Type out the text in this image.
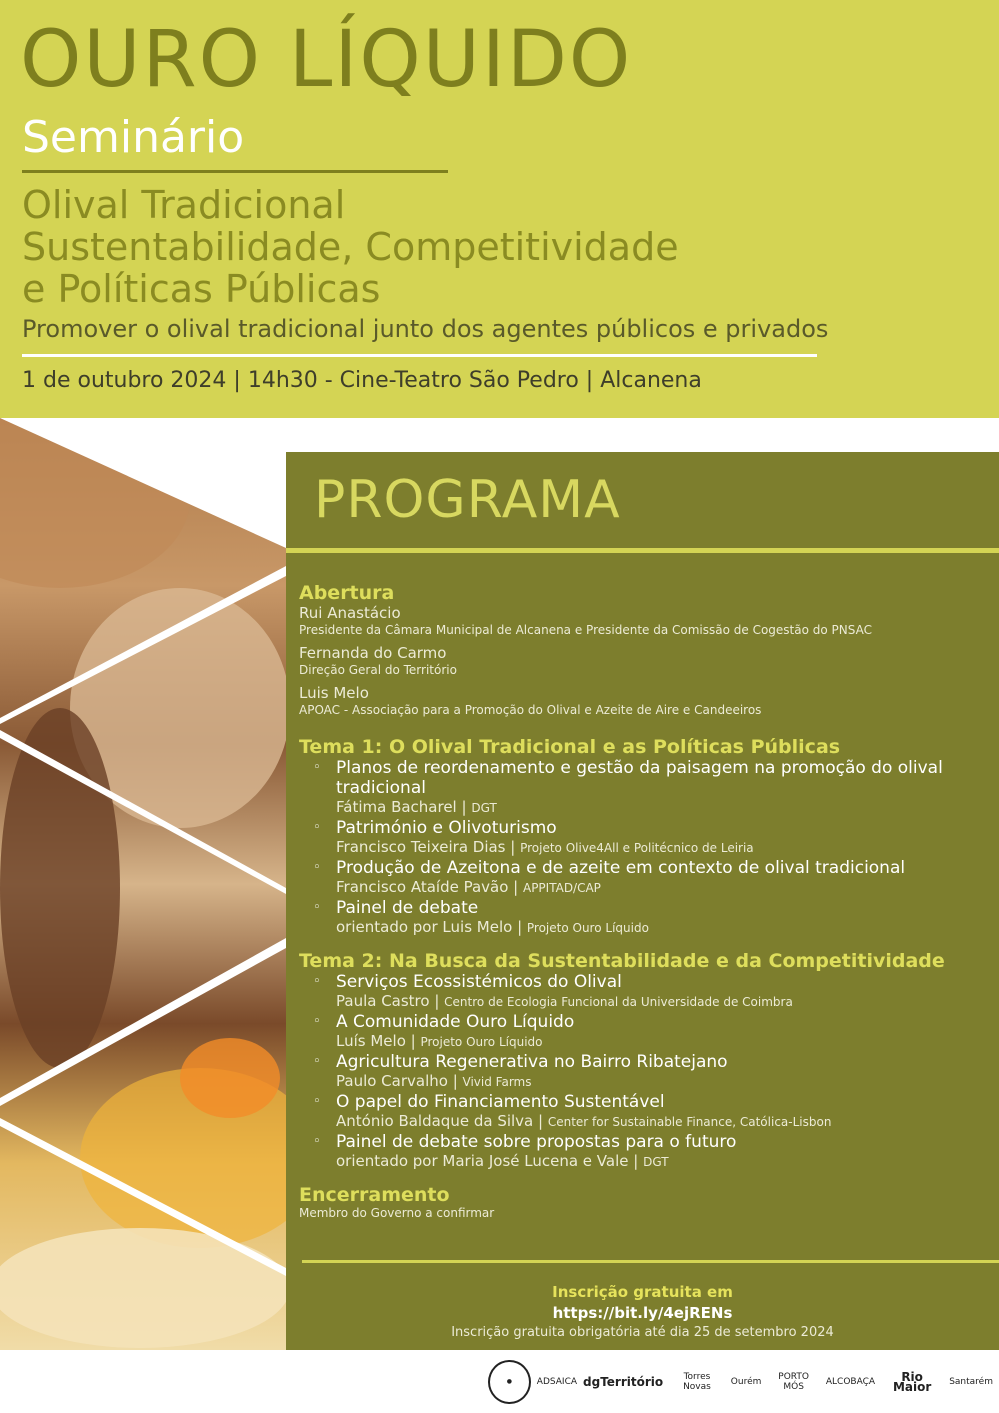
OURO LÍQUIDO
Seminário
Olival Tradicional
Sustentabilidade, Competitividade
e Políticas Públicas
Promover o olival tradicional junto dos agentes públicos e privados
1 de outubro 2024 | 14h30 - Cine-Teatro São Pedro | Alcanena
PROGRAMA
Abertura
Rui Anastácio
Presidente da Câmara Municipal de Alcanena e Presidente da Comissão de Cogestão do PNSAC
Fernanda do Carmo
Direção Geral do Território
Luis Melo
APOAC - Associação para a Promoção do Olival e Azeite de Aire e Candeeiros
Tema 1: O Olival Tradicional e as Políticas Públicas
◦ Planos de reordenamento e gestão da paisagem na promoção do olival tradicional
Fátima Bacharel | DGT
◦ Património e Olivoturismo
Francisco Teixeira Dias | Projeto Olive4All e Politécnico de Leiria
◦ Produção de Azeitona e de azeite em contexto de olival tradicional
Francisco Ataíde Pavão | APPITAD/CAP
◦ Painel de debate
orientado por Luis Melo | Projeto Ouro Líquido
Tema 2: Na Busca da Sustentabilidade e da Competitividade
◦ Serviços Ecossistémicos do Olival
Paula Castro | Centro de Ecologia Funcional da Universidade de Coimbra
◦ A Comunidade Ouro Líquido
Luís Melo | Projeto Ouro Líquido
◦ Agricultura Regenerativa no Bairro Ribatejano
Paulo Carvalho | Vivid Farms
◦ O papel do Financiamento Sustentável
António Baldaque da Silva | Center for Sustainable Finance, Católica-Lisbon
◦ Painel de debate sobre propostas para o futuro
orientado por Maria José Lucena e Vale | DGT
Encerramento
Membro do Governo a confirmar
Inscrição gratuita em
https://bit.ly/4ejRENs
Inscrição gratuita obrigatória até dia 25 de setembro 2024
●	ADSAICA dgTerritório	Torres Novas	Ourém	PORTO MÓS	ALCOBAÇA	Rio Maior	Santarém
